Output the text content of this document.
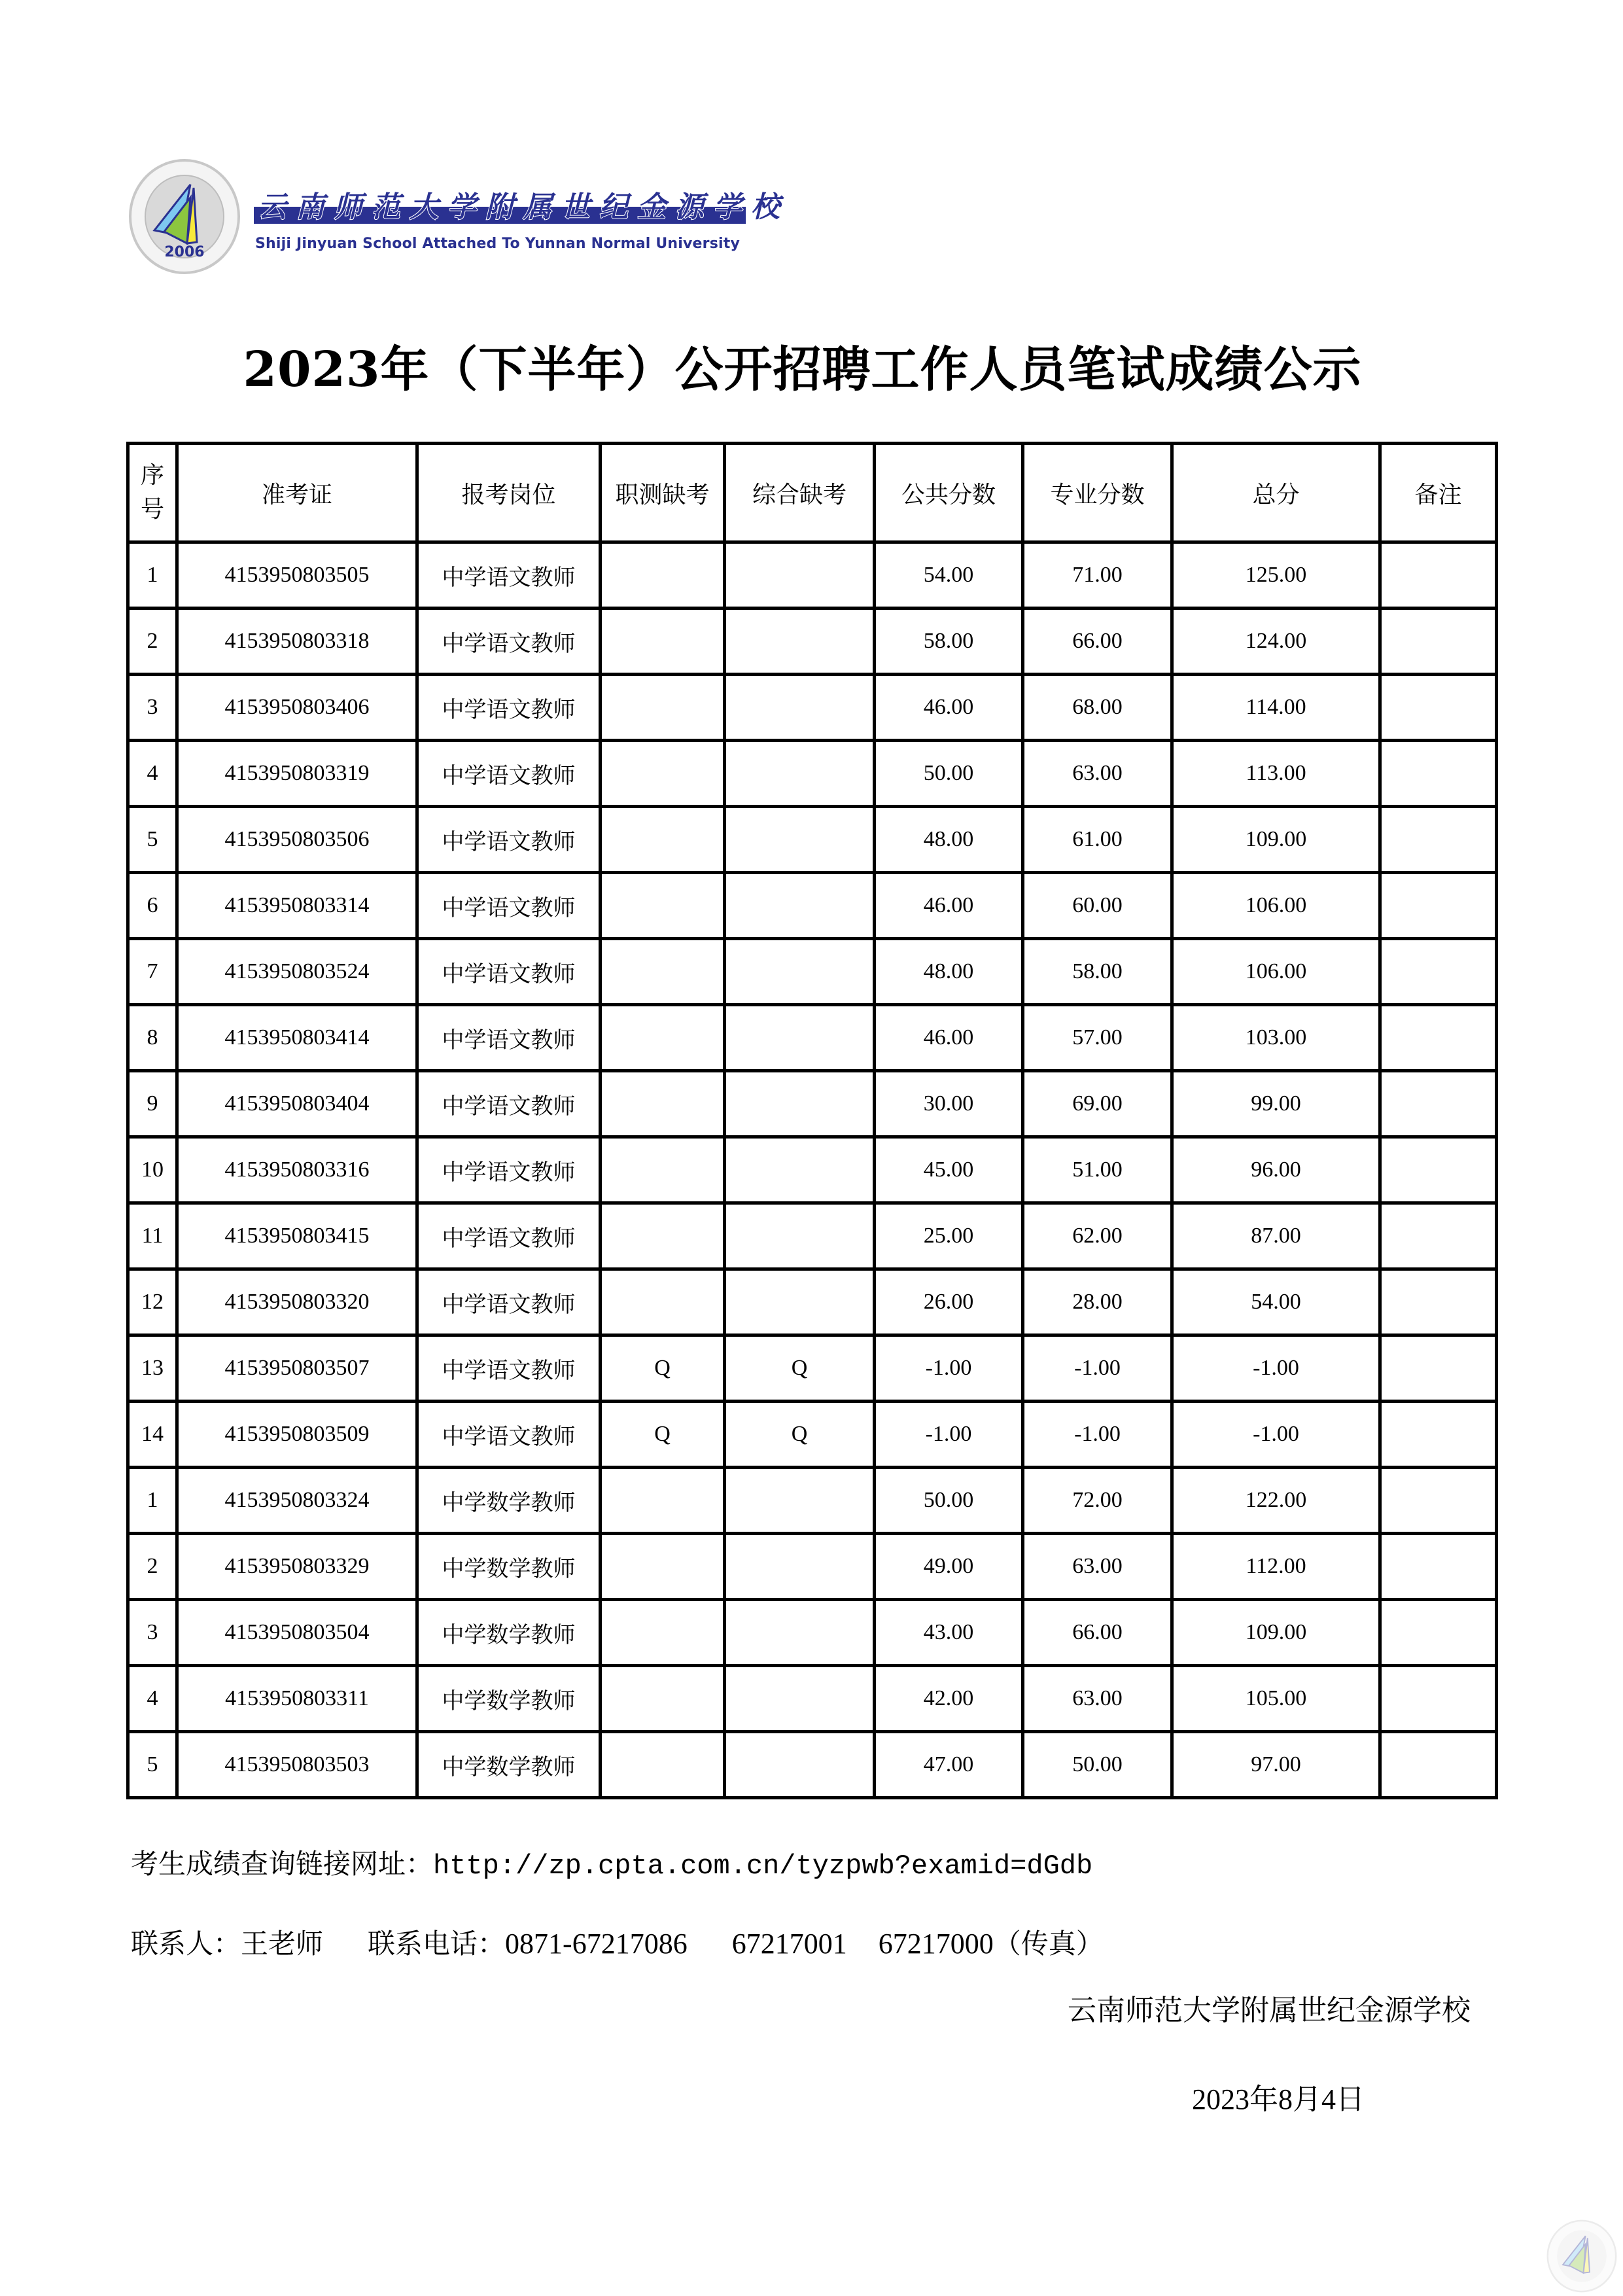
2006
云南师范大学附属世纪金源学校
Shiji Jinyuan School Attached To Yunnan Normal University
2023年（下半年）公开招聘工作人员笔试成绩公示
序
号	准考证	报考岗位	职测缺考	综合缺考	公共分数	专业分数	总分	备注
1	4153950803505	中学语文教师			54.00	71.00	125.00	
2	4153950803318	中学语文教师			58.00	66.00	124.00	
3	4153950803406	中学语文教师			46.00	68.00	114.00	
4	4153950803319	中学语文教师			50.00	63.00	113.00	
5	4153950803506	中学语文教师			48.00	61.00	109.00	
6	4153950803314	中学语文教师			46.00	60.00	106.00	
7	4153950803524	中学语文教师			48.00	58.00	106.00	
8	4153950803414	中学语文教师			46.00	57.00	103.00	
9	4153950803404	中学语文教师			30.00	69.00	99.00	
10	4153950803316	中学语文教师			45.00	51.00	96.00	
11	4153950803415	中学语文教师			25.00	62.00	87.00	
12	4153950803320	中学语文教师			26.00	28.00	54.00	
13	4153950803507	中学语文教师	Q	Q	-1.00	-1.00	-1.00	
14	4153950803509	中学语文教师	Q	Q	-1.00	-1.00	-1.00	
1	4153950803324	中学数学教师			50.00	72.00	122.00	
2	4153950803329	中学数学教师			49.00	63.00	112.00	
3	4153950803504	中学数学教师			43.00	66.00	109.00	
4	4153950803311	中学数学教师			42.00	63.00	105.00	
5	4153950803503	中学数学教师			47.00	50.00	97.00	
考生成绩查询链接网址：http://zp.cpta.com.cn/tyzpwb?examid=dGdb
联系人：王老师 联系电话：0871-67217086 67217001 67217000（传真）
云南师范大学附属世纪金源学校
2023年8月4日
